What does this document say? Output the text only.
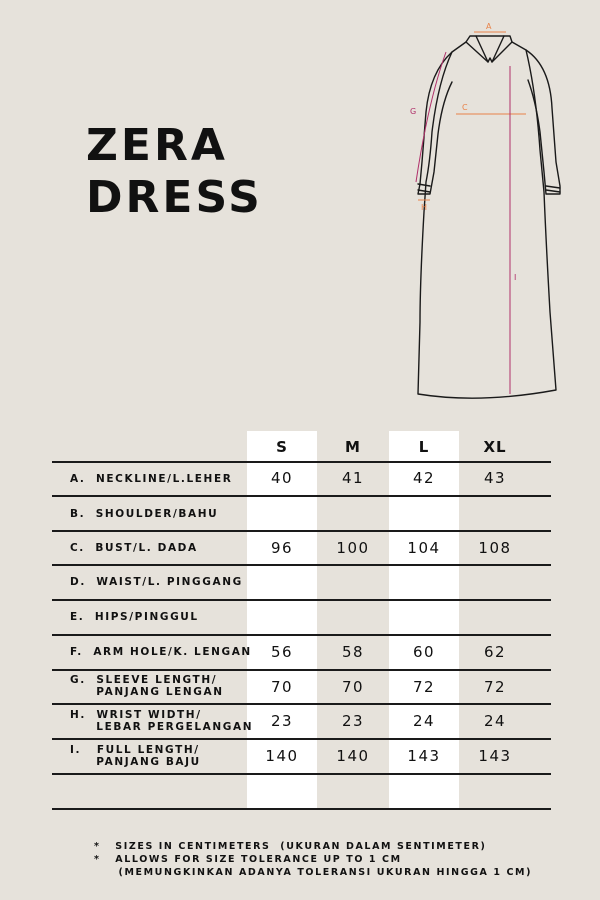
ZERA
DRESS
A
G	C
H
I
S	M	L	XL
A.  NECKLINE/L.LEHER	40	41	42	43
B.  SHOULDER/BAHU
C.  BUST/L. DADA	96	100	104	108
D.  WAIST/L. PINGGANG
E.  HIPS/PINGGUL
F.  ARM HOLE/K. LENGAN	56	58	60	62
G.  SLEEVE LENGTH/
PANJANG LENGAN	70	70	72	72
H.  WRIST WIDTH/
LEBAR PERGELANGAN	23	23	24	24
I.   FULL LENGTH/
PANJANG BAJU	140	140	143	143
*   SIZES IN CENTIMETERS  (UKURAN DALAM SENTIMETER)
*   ALLOWS FOR SIZE TOLERANCE UP TO 1 CM
(MEMUNGKINKAN ADANYA TOLERANSI UKURAN HINGGA 1 CM)
